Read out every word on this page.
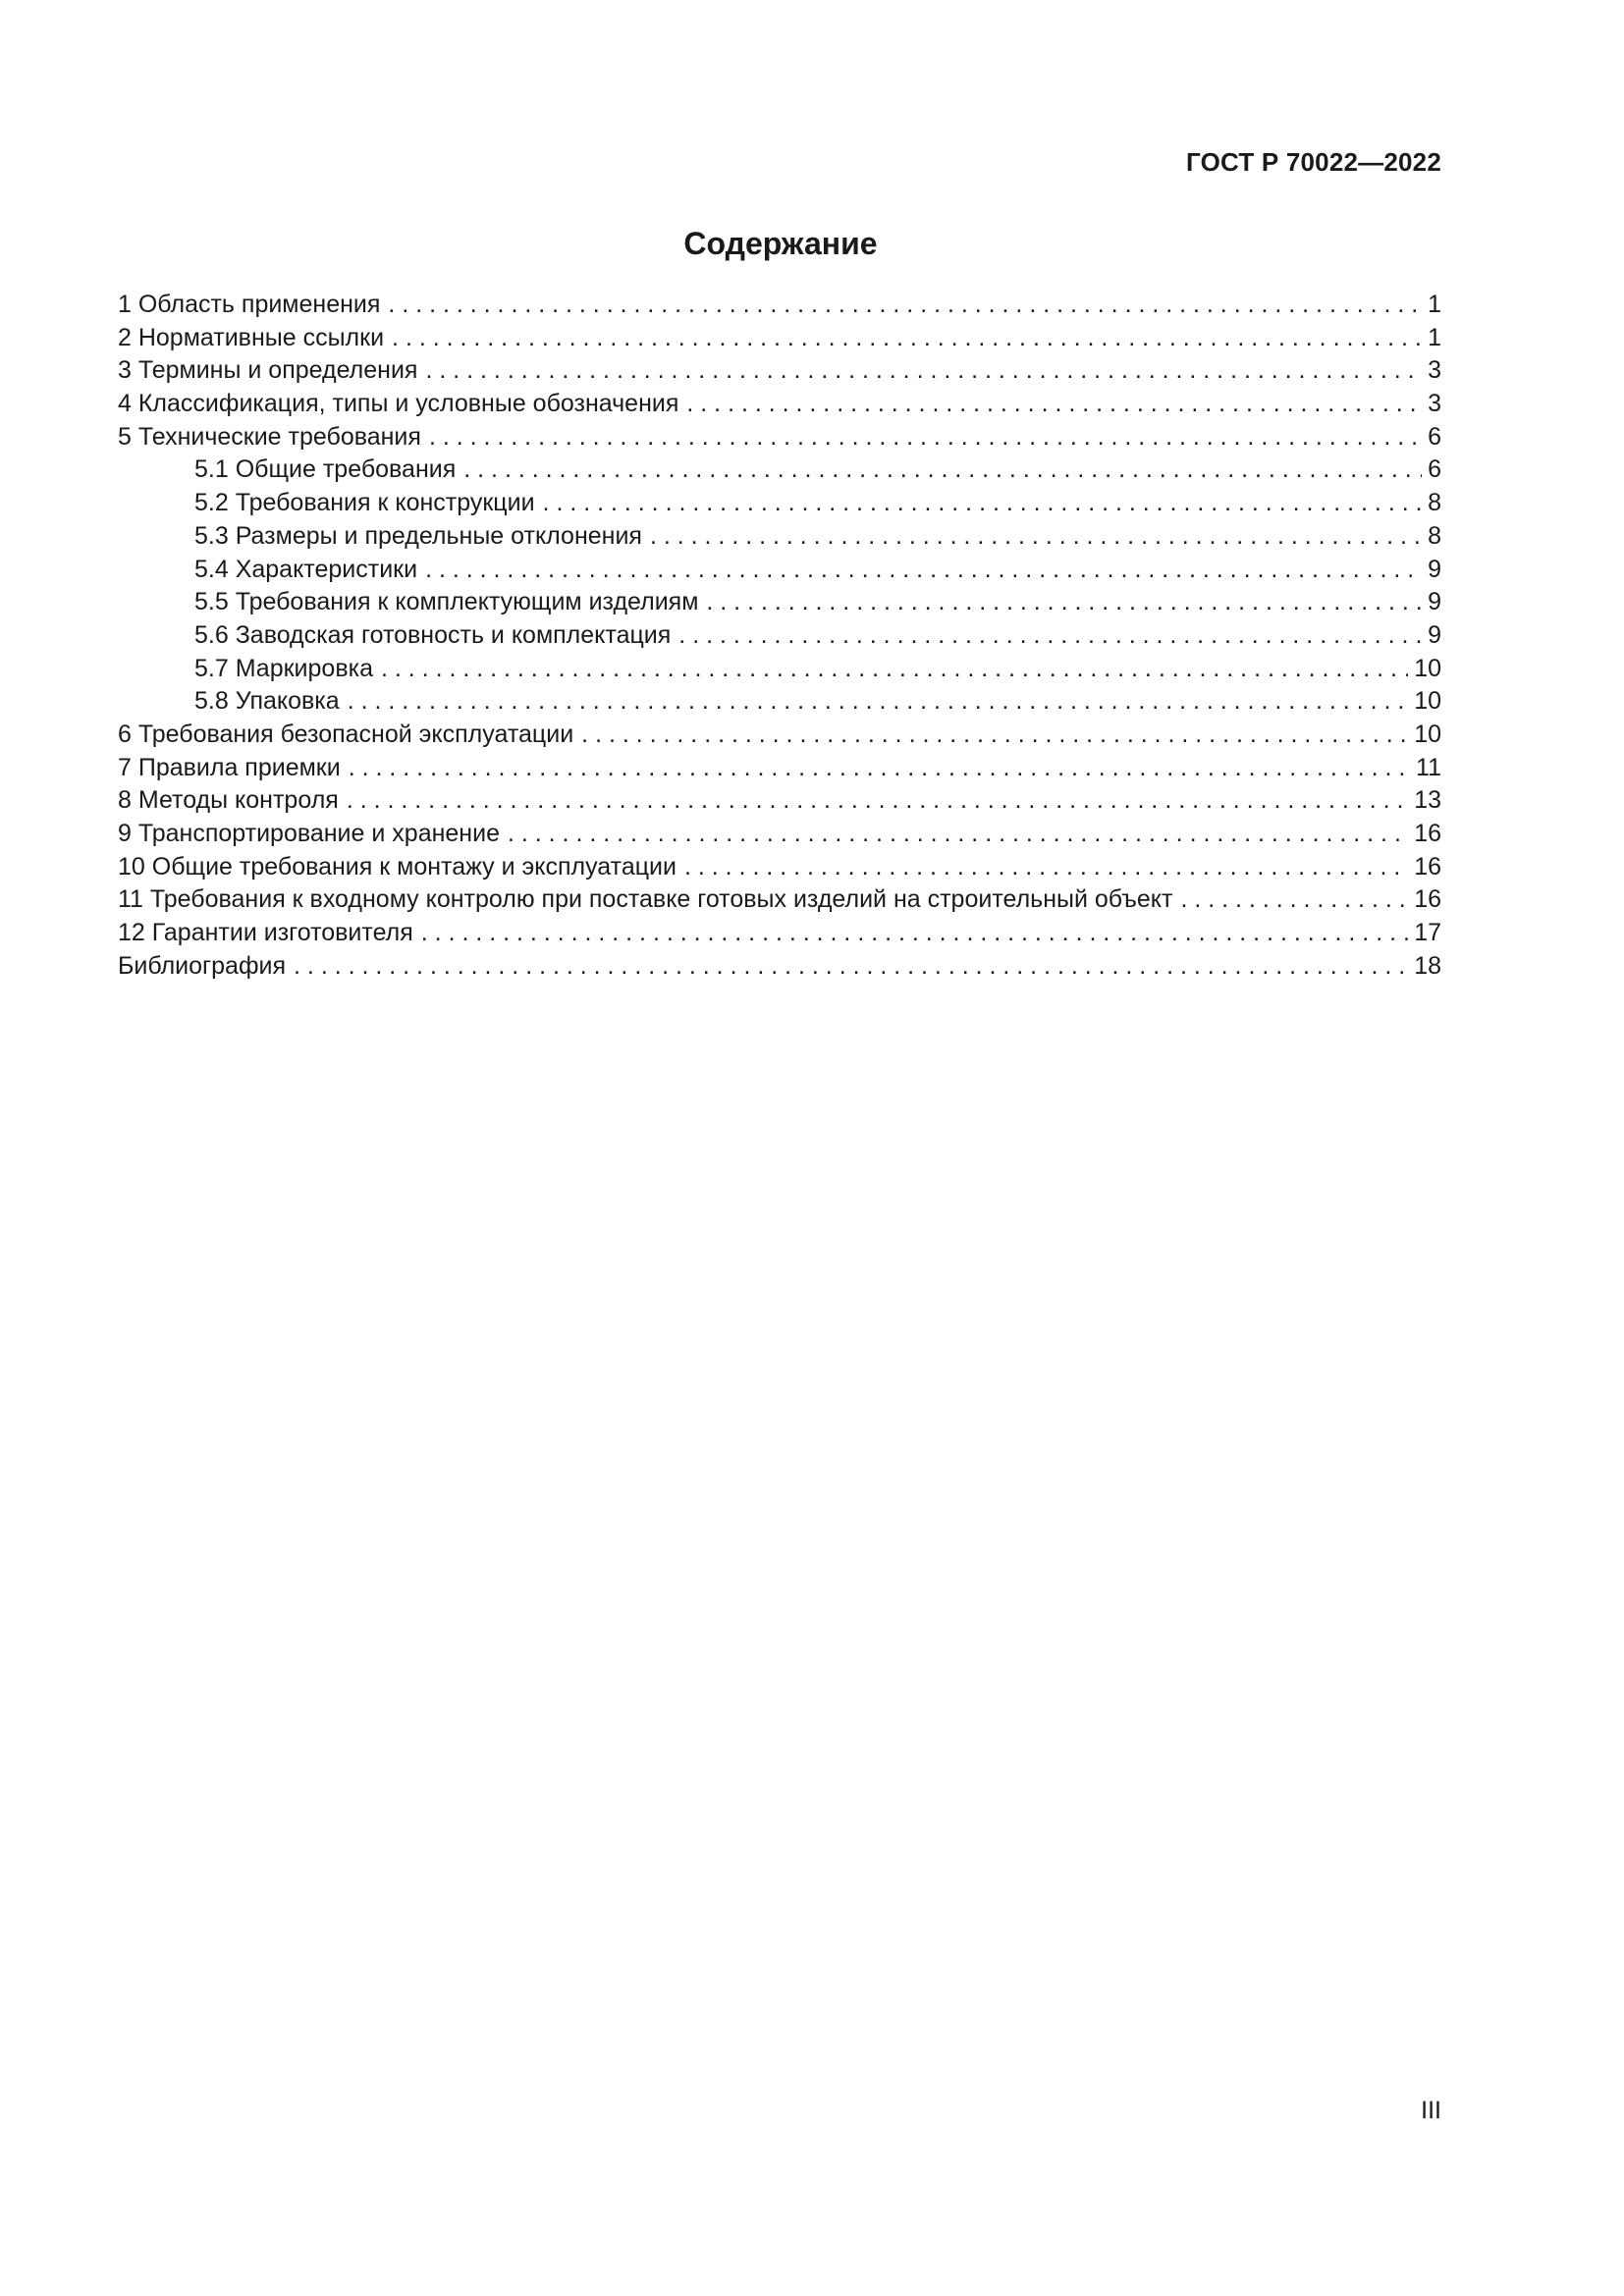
ГОСТ Р 70022—2022
Содержание
1 Область применения . . .	1
2 Нормативные ссылки . . .	1
3 Термины и определения . . .	3
4 Классификация, типы и условные обозначения . . .	3
5 Технические требования . . .	6
5.1 Общие требования . . .	6
5.2 Требования к конструкции . . .	8
5.3 Размеры и предельные отклонения . . .	8
5.4 Характеристики . . .	9
5.5 Требования к комплектующим изделиям . . .	9
5.6 Заводская готовность и комплектация . . .	9
5.7 Маркировка . . .	10
5.8 Упаковка . . .	10
6 Требования безопасной эксплуатации . . .	10
7 Правила приемки . . .	11
8 Методы контроля . . .	13
9 Транспортирование и хранение . . .	16
10 Общие требования к монтажу и эксплуатации . . .	16
11 Требования к входному контролю при поставке готовых изделий на строительный объект . . .	16
12 Гарантии изготовителя . . .	17
Библиография . . .	18
III
